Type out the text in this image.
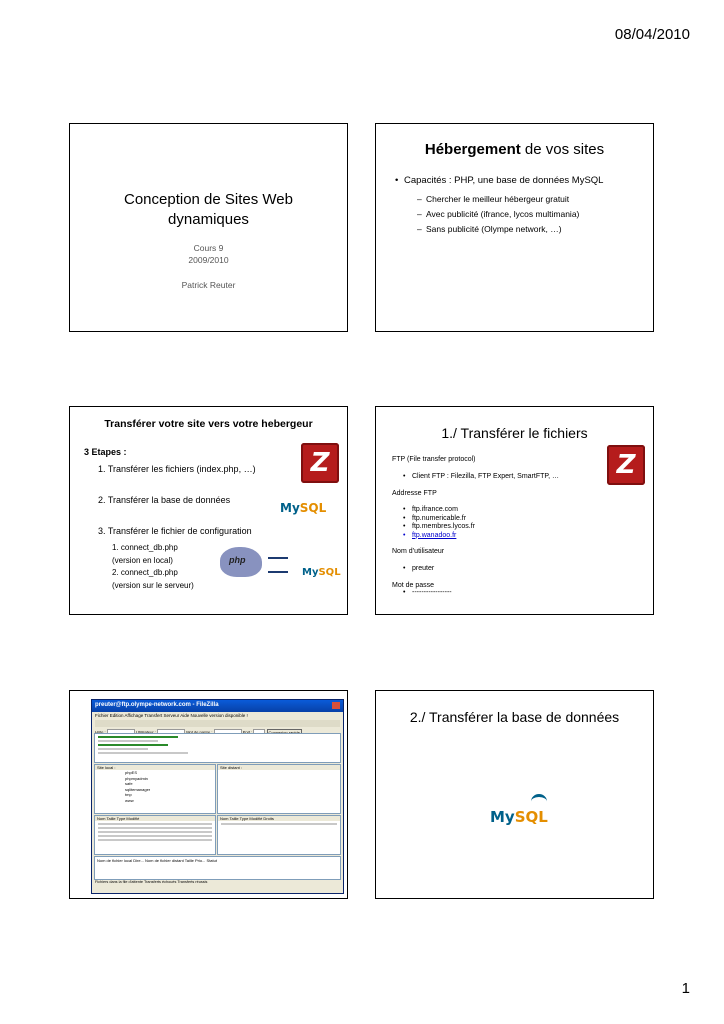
08/04/2010
1
Conception de Sites Web
dynamiques
Cours 9
2009/2010
Patrick Reuter
Hébergement de vos sites
• Capacités : PHP, une base de données MySQL
– Chercher le meilleur hébergeur gratuit
– Avec publicité (ifrance, lycos multimania)
– Sans publicité (Olympe network, …)
Transférer votre site vers votre hebergeur
3 Etapes :
1. Transférer les fichiers (index.php, …)
2. Transférer la base de données
3. Transférer le fichier de configuration
1. connect_db.php
(version en local)
2. connect_db.php
(version sur le serveur)
Z
MySQL
php
MySQL
1./ Transférer le fichiers
FTP (File transfer protocol)
• Client FTP : Filezilla, FTP Expert, SmartFTP, …
Addresse FTP
• ftp.ifrance.com
• ftp.numericable.fr
• ftp.membres.lycos.fr
• ftp.wanadoo.fr
Nom d’utilisateur
• preuter
Mot de passe
• -----------------
Z
preuter@ftp.olympe-network.com - FileZilla
Fichier Edition Affichage Transfert Serveur Aide Nouvelle version disponible !

Site local :
phpES
phpmyadmin
safe
sqlitemanager
tmp
www
Site distant :
Nom Taille Type Modifié	Nom Taille Type Modifié Droits
Nom de fichier local Dire... Nom de fichier distant Taille Prio... Statut
Fichiers dans la file d'attente Transferts échoués Transferts réussis
2./ Transférer la base de données
MySQL
